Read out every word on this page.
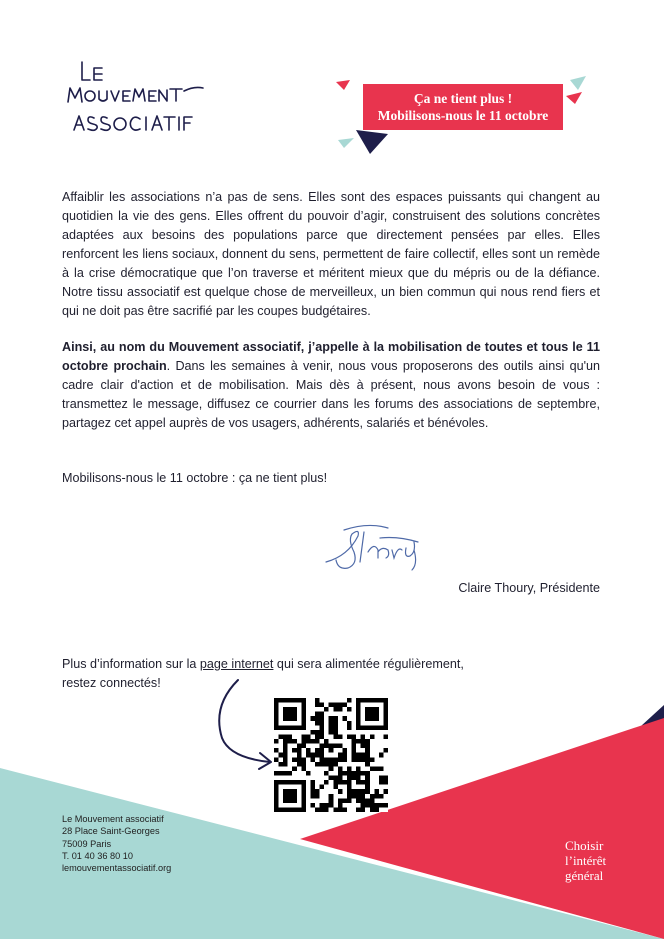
Ça ne tient plus !
Mobilisons-nous le 11 octobre

Affaiblir les associations n’a pas de sens. Elles sont des espaces puissants qui changent au quotidien la vie des gens. Elles offrent du pouvoir d’agir, construisent des solutions concrètes adaptées aux besoins des populations parce que directement pensées par elles. Elles renforcent les liens sociaux, donnent du sens, permettent de faire collectif, elles sont un remède à la crise démocratique que l’on traverse et méritent mieux que du mépris ou de la défiance. Notre tissu associatif est quelque chose de merveilleux, un bien commun qui nous rend fiers et qui ne doit pas être sacrifié par les coupes budgétaires.

Ainsi, au nom du Mouvement associatif, j’appelle à la mobilisation de toutes et tous le 11 octobre prochain. Dans les semaines à venir, nous vous proposerons des outils ainsi qu'un cadre clair d'action et de mobilisation. Mais dès à présent, nous avons besoin de vous : transmettez le message, diffusez ce courrier dans les forums des associations de septembre, partagez cet appel auprès de vos usagers, adhérents, salariés et bénévoles.

Mobilisons-nous le 11 octobre : ça ne tient plus!

Claire Thoury, Présidente
Plus d’information sur la page internet qui sera alimentée régulièrement,
restez connectés!
Le Mouvement associatif
28 Place Saint-Georges
75009 Paris
T. 01 40 36 80 10
lemouvementassociatif.org
Choisir
l’intérêt
général
